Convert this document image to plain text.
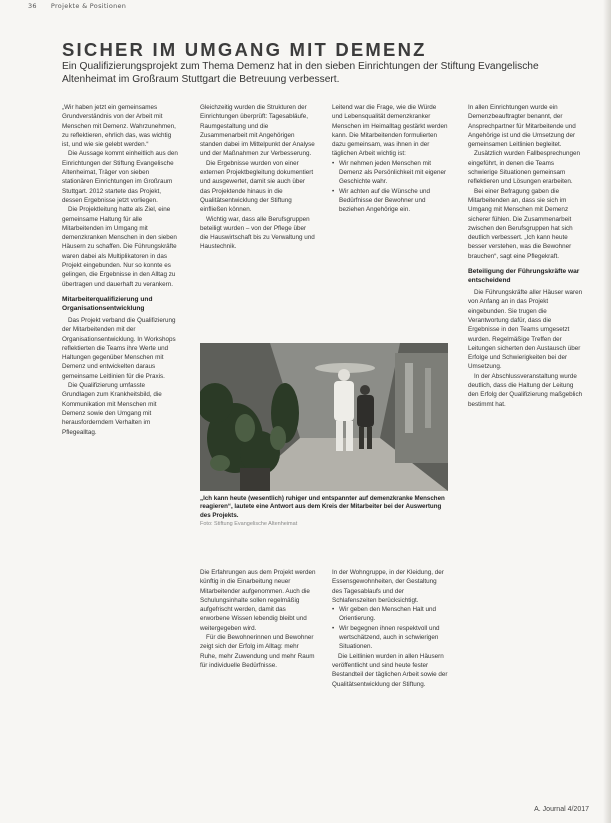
36 Projekte & Positionen
SICHER IM UMGANG MIT DEMENZ

Ein Qualifizierungsprojekt zum Thema Demenz hat in den sieben Einrichtungen der Stiftung Evangelische Altenheimat im Großraum Stuttgart die Betreuung verbessert.

„Wir haben jetzt ein gemeinsames Grundverständnis von der Arbeit mit Menschen mit Demenz. Wahrzunehmen, zu reflektieren, ehrlich das, was wichtig ist, und wie sie gelebt werden.“

Die Aussage kommt einheitlich aus den Einrichtungen der Stiftung Evangelische Altenheimat, Träger von sieben stationären Einrichtungen im Großraum Stuttgart. 2012 startete das Projekt, dessen Ergebnisse jetzt vorliegen.

Die Projektleitung hatte als Ziel, eine gemeinsame Haltung für alle Mitarbeitenden im Umgang mit demenzkranken Menschen in den sieben Häusern zu schaffen. Die Führungskräfte waren dabei als Multiplikatoren in das Projekt eingebunden. Nur so konnte es gelingen, die Ergebnisse in den Alltag zu übertragen und dauerhaft zu verankern.

Mitarbeiterqualifizierung und Organisationsentwicklung

Das Projekt verband die Qualifizierung der Mitarbeitenden mit der Organisationsentwicklung. In Workshops reflektierten die Teams ihre Werte und Haltungen gegenüber Menschen mit Demenz und entwickelten daraus gemeinsame Leitlinien für die Praxis.

Die Qualifizierung umfasste Grundlagen zum Krankheitsbild, die Kommunikation mit Menschen mit Demenz sowie den Umgang mit herausforderndem Verhalten im Pflegealltag.

Gleichzeitig wurden die Strukturen der Einrichtungen überprüft: Tagesabläufe, Raumgestaltung und die Zusammenarbeit mit Angehörigen standen dabei im Mittelpunkt der Analyse und der Maßnahmen zur Verbesserung.

Die Ergebnisse wurden von einer externen Projektbegleitung dokumentiert und ausgewertet, damit sie auch über das Projektende hinaus in die Qualitätsentwicklung der Stiftung einfließen können.

Wichtig war, dass alle Berufsgruppen beteiligt wurden – von der Pflege über die Hauswirtschaft bis zu Verwaltung und Haustechnik.

Leitend war die Frage, wie die Würde und Lebensqualität demenzkranker Menschen im Heimalltag gestärkt werden kann. Die Mitarbeitenden formulierten dazu gemeinsam, was ihnen in der täglichen Arbeit wichtig ist:

• Wir nehmen jeden Menschen mit Demenz als Persönlichkeit mit eigener Geschichte wahr.
• Wir achten auf die Wünsche und Bedürfnisse der Bewohner und beziehen Angehörige ein.

In allen Einrichtungen wurde ein Demenzbeauftragter benannt, der Ansprechpartner für Mitarbeitende und Angehörige ist und die Umsetzung der gemeinsamen Leitlinien begleitet.

Zusätzlich wurden Fallbesprechungen eingeführt, in denen die Teams schwierige Situationen gemeinsam reflektieren und Lösungen erarbeiten.

Bei einer Befragung gaben die Mitarbeitenden an, dass sie sich im Umgang mit Menschen mit Demenz sicherer fühlen. Die Zusammenarbeit zwischen den Berufsgruppen hat sich deutlich verbessert. „Ich kann heute besser verstehen, was die Bewohner brauchen“, sagt eine Pflegekraft.

Beteiligung der Führungskräfte war entscheidend

Die Führungskräfte aller Häuser waren von Anfang an in das Projekt eingebunden. Sie trugen die Verantwortung dafür, dass die Ergebnisse in den Teams umgesetzt wurden. Regelmäßige Treffen der Leitungen sicherten den Austausch über Erfolge und Schwierigkeiten bei der Umsetzung.

In der Abschlussveranstaltung wurde deutlich, dass die Haltung der Leitung den Erfolg der Qualifizierung maßgeblich bestimmt hat.

Die Erfahrungen aus dem Projekt werden künftig in die Einarbeitung neuer Mitarbeitender aufgenommen. Auch die Schulungsinhalte sollen regelmäßig aufgefrischt werden, damit das erworbene Wissen lebendig bleibt und weitergegeben wird.

Für die Bewohnerinnen und Bewohner zeigt sich der Erfolg im Alltag: mehr Ruhe, mehr Zuwendung und mehr Raum für individuelle Bedürfnisse.

In der Wohngruppe, in der Kleidung, der Essensgewohnheiten, der Gestaltung des Tagesablaufs und der Schlafenszeiten berücksichtigt.

• Wir geben den Menschen Halt und Orientierung.
• Wir begegnen ihnen respektvoll und wertschätzend, auch in schwierigen Situationen.

Die Leitlinien wurden in allen Häusern veröffentlicht und sind heute fester Bestandteil der täglichen Arbeit sowie der Qualitätsentwicklung der Stiftung.

„Ich kann heute (wesentlich) ruhiger und entspannter auf demenzkranke Menschen reagieren“, lautete eine Antwort aus dem Kreis der Mitarbeiter bei der Auswertung des Projekts.

Foto: Stiftung Evangelische Altenheimat

A. Journal 4/2017
